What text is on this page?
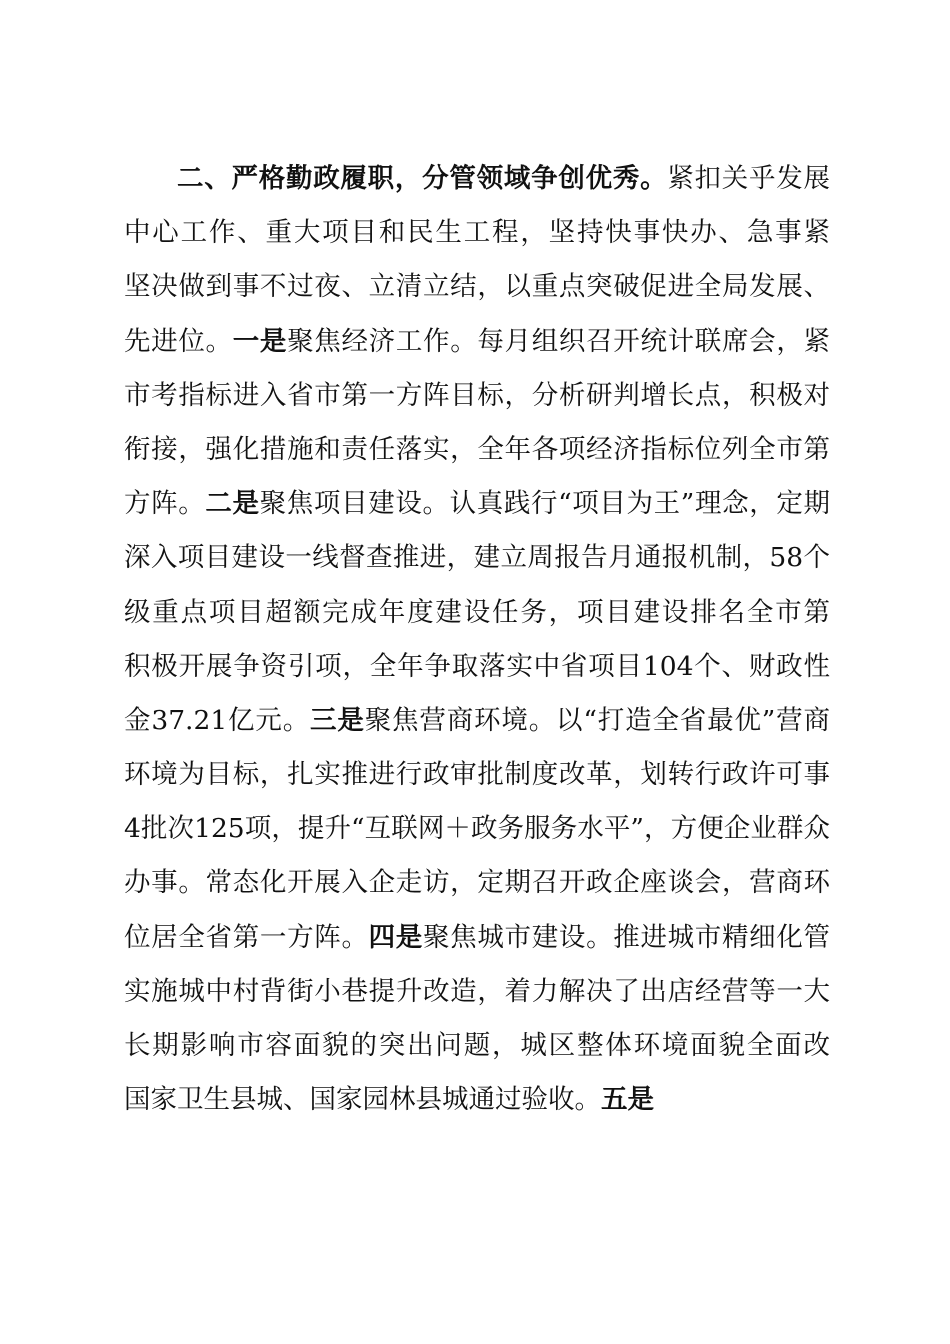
二、严格勤政履职，分管领域争创优秀。紧扣关乎发展
中心工作、重大项目和民生工程，坚持快事快办、急事紧
坚决做到事不过夜、立清立结，以重点突破促进全局发展、
先进位。一是聚焦经济工作。每月组织召开统计联席会，紧
市考指标进入省市第一方阵目标，分析研判增长点，积极对
衔接，强化措施和责任落实，全年各项经济指标位列全市第
方阵。二是聚焦项目建设。认真践行“项目为王”理念，定期
深入项目建设一线督查推进，建立周报告月通报机制，58个
级重点项目超额完成年度建设任务，项目建设排名全市第
积极开展争资引项，全年争取落实中省项目104个、财政性
金37.21亿元。三是聚焦营商环境。以“打造全省最优”营商
环境为目标，扎实推进行政审批制度改革，划转行政许可事
4批次125项，提升“互联网＋政务服务水平”，方便企业群众
办事。常态化开展入企走访，定期召开政企座谈会，营商环
位居全省第一方阵。四是聚焦城市建设。推进城市精细化管
实施城中村背街小巷提升改造，着力解决了出店经营等一大
长期影响市容面貌的突出问题，城区整体环境面貌全面改
国家卫生县城、国家园林县城通过验收。五是
